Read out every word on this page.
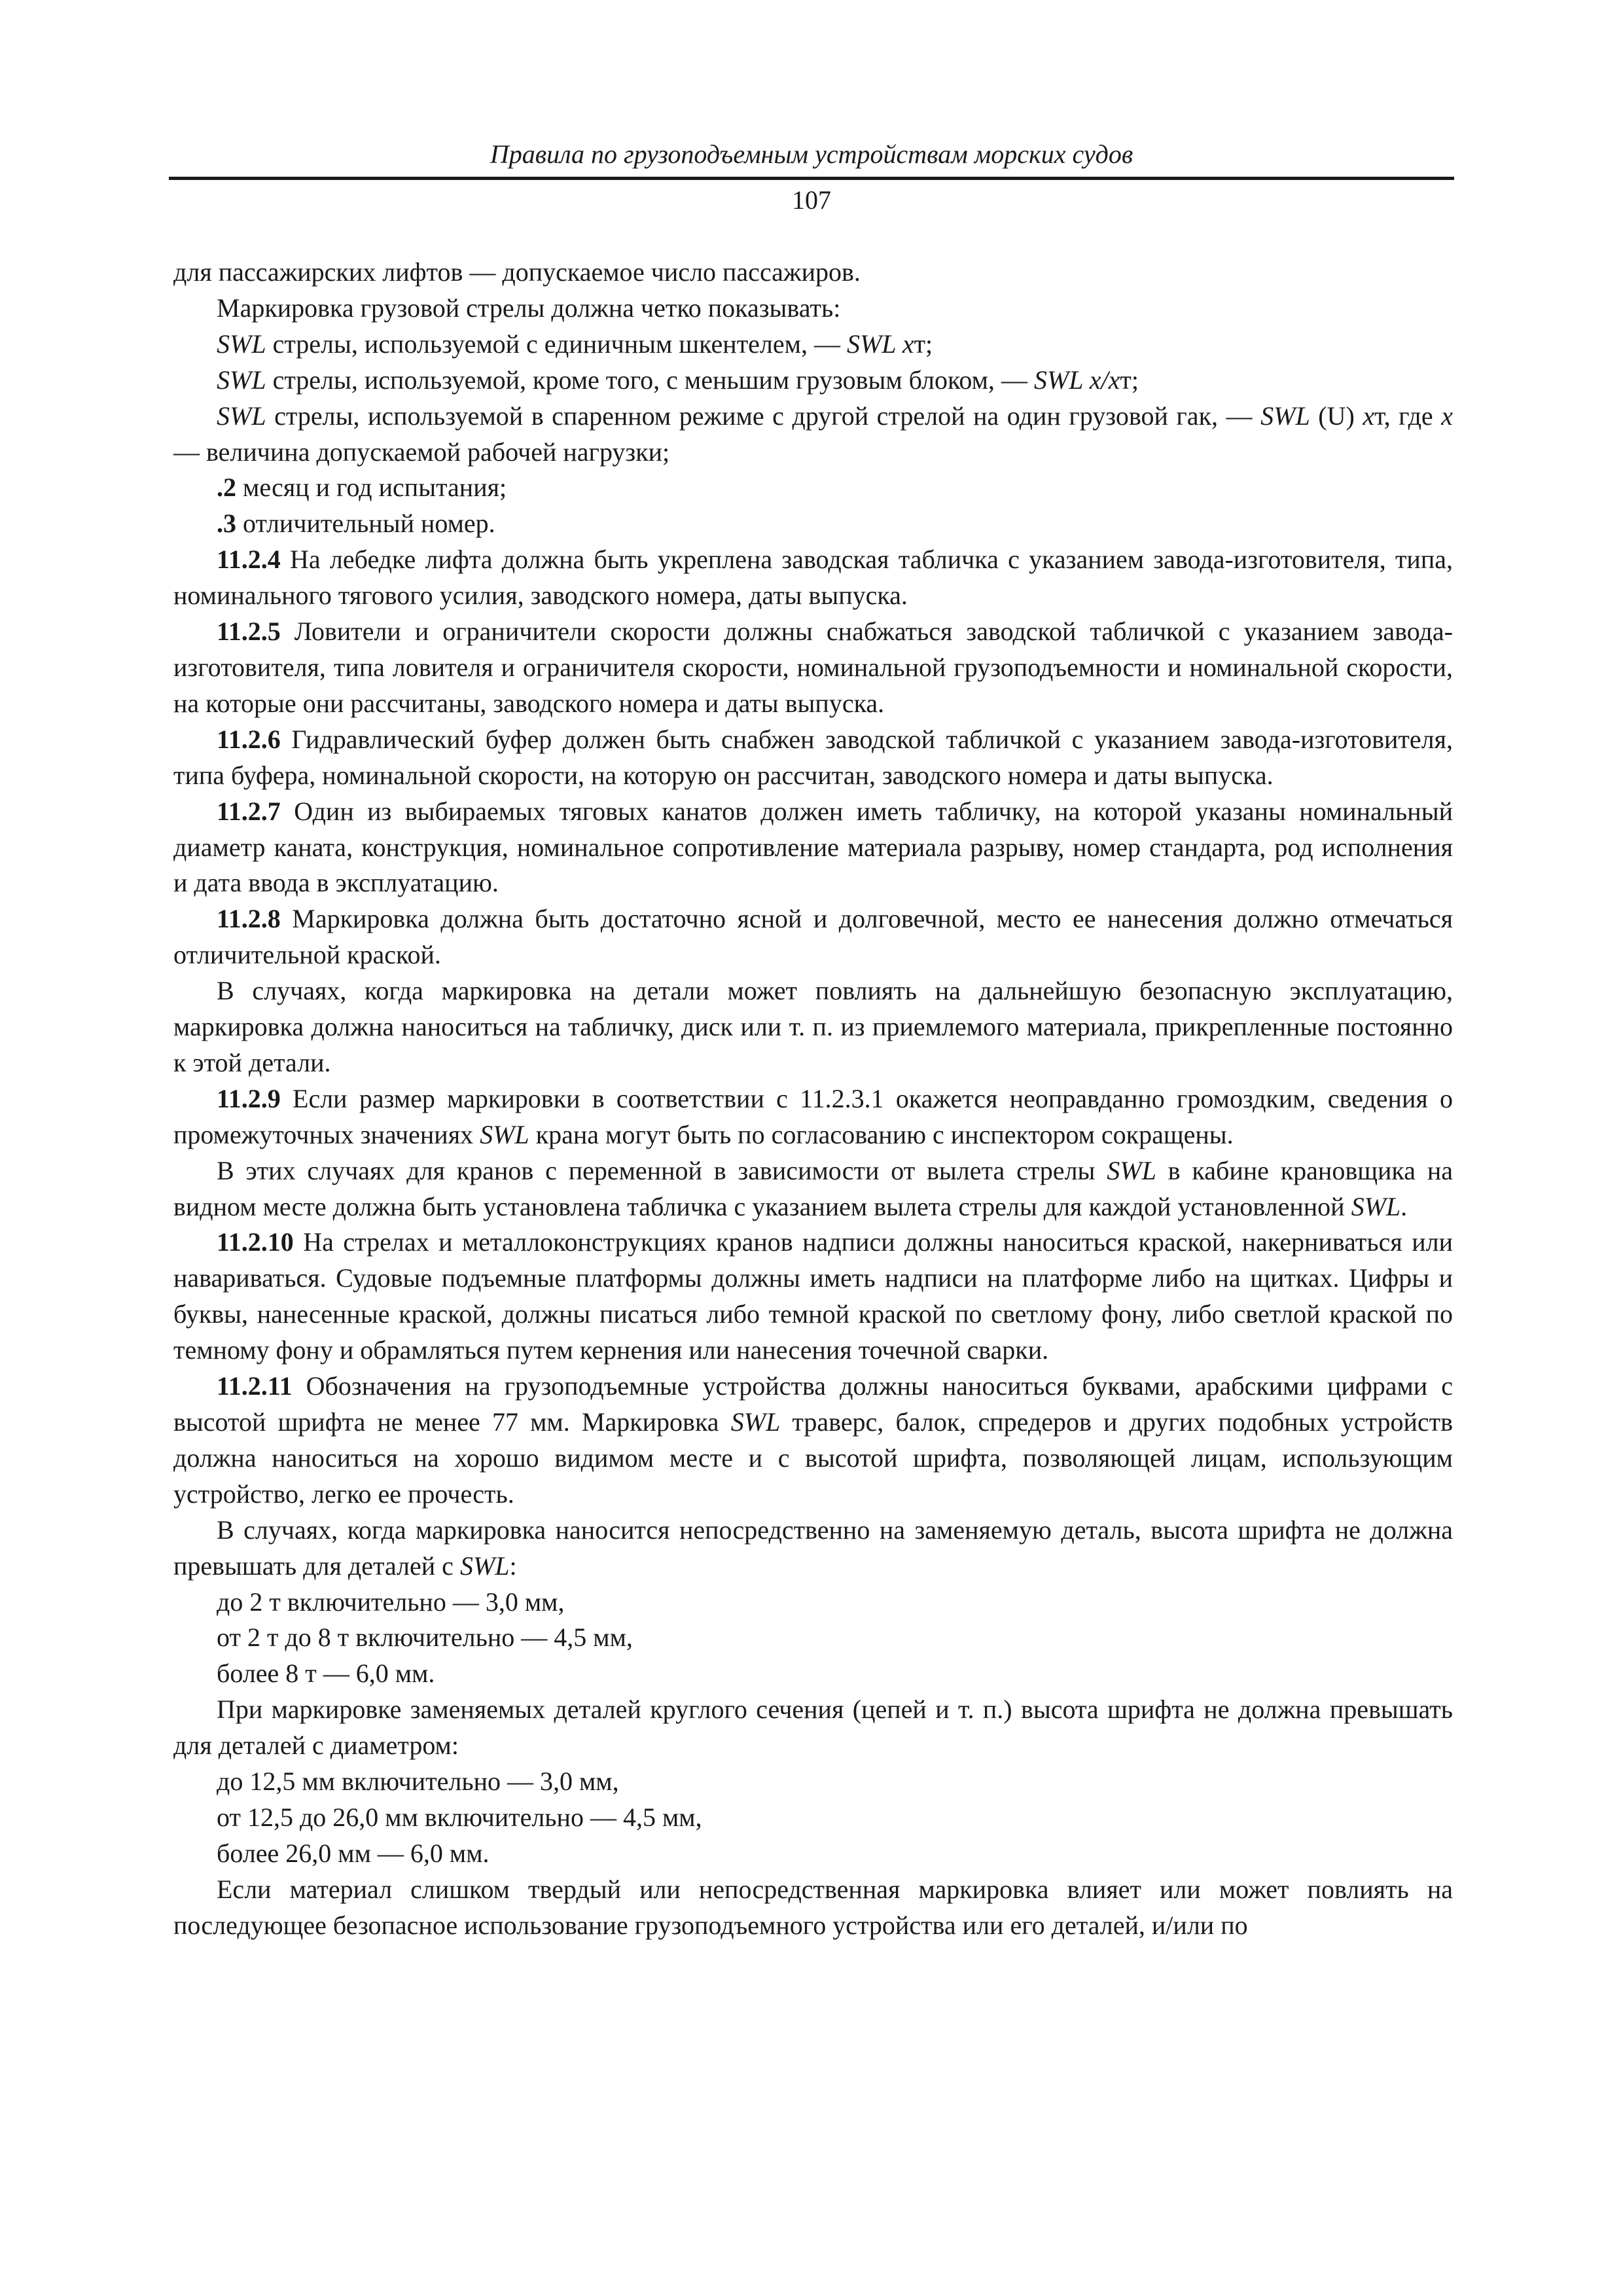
Правила по грузоподъемным устройствам морских судов
107

для пассажирских лифтов — допускаемое число пассажиров.

Маркировка грузовой стрелы должна четко показывать:

SWL стрелы, используемой с единичным шкентелем, — SWL xт;

SWL стрелы, используемой, кроме того, с меньшим грузовым блоком, — SWL x/xт;

SWL стрелы, используемой в спаренном режиме с другой стрелой на один грузовой гак, — SWL (U) xт, где x — величина допускаемой рабочей нагрузки;

.2 месяц и год испытания;

.3 отличительный номер.

11.2.4 На лебедке лифта должна быть укреплена заводская табличка с указанием завода-изготовителя, типа, номинального тягового усилия, заводского номера, даты выпуска.

11.2.5 Ловители и ограничители скорости должны снабжаться заводской табличкой с указанием завода-изготовителя, типа ловителя и ограничителя скорости, номинальной грузоподъемности и номинальной скорости, на которые они рассчитаны, заводского номера и даты выпуска.

11.2.6 Гидравлический буфер должен быть снабжен заводской табличкой с указанием завода-изготовителя, типа буфера, номинальной скорости, на которую он рассчитан, заводского номера и даты выпуска.

11.2.7 Один из выбираемых тяговых канатов должен иметь табличку, на которой указаны номинальный диаметр каната, конструкция, номинальное сопротивление материала разрыву, номер стандарта, род исполнения и дата ввода в эксплуатацию.

11.2.8 Маркировка должна быть достаточно ясной и долговечной, место ее нанесения должно отмечаться отличительной краской.

В случаях, когда маркировка на детали может повлиять на дальнейшую безопасную эксплуатацию, маркировка должна наноситься на табличку, диск или т. п. из приемлемого материала, прикрепленные постоянно к этой детали.

11.2.9 Если размер маркировки в соответствии с 11.2.3.1 окажется неоправданно громоздким, сведения о промежуточных значениях SWL крана могут быть по согласованию с инспектором сокращены.

В этих случаях для кранов с переменной в зависимости от вылета стрелы SWL в кабине крановщика на видном месте должна быть установлена табличка с указанием вылета стрелы для каждой установленной SWL.

11.2.10 На стрелах и металлоконструкциях кранов надписи должны наноситься краской, накерниваться или навариваться. Судовые подъемные платформы должны иметь надписи на платформе либо на щитках. Цифры и буквы, нанесенные краской, должны писаться либо темной краской по светлому фону, либо светлой краской по темному фону и обрамляться путем кернения или нанесения точечной сварки.

11.2.11 Обозначения на грузоподъемные устройства должны наноситься буквами, арабскими цифрами с высотой шрифта не менее 77 мм. Маркировка SWL траверс, балок, спредеров и других подобных устройств должна наноситься на хорошо видимом месте и с высотой шрифта, позволяющей лицам, использующим устройство, легко ее прочесть.

В случаях, когда маркировка наносится непосредственно на заменяемую деталь, высота шрифта не должна превышать для деталей с SWL:

до 2 т включительно — 3,0 мм,

от 2 т до 8 т включительно — 4,5 мм,

более 8 т — 6,0 мм.

При маркировке заменяемых деталей круглого сечения (цепей и т. п.) высота шрифта не должна превышать для деталей с диаметром:

до 12,5 мм включительно — 3,0 мм,

от 12,5 до 26,0 мм включительно — 4,5 мм,

более 26,0 мм — 6,0 мм.

Если материал слишком твердый или непосредственная маркировка влияет или может повлиять на последующее безопасное использование грузоподъемного устройства или его деталей, и/или по
